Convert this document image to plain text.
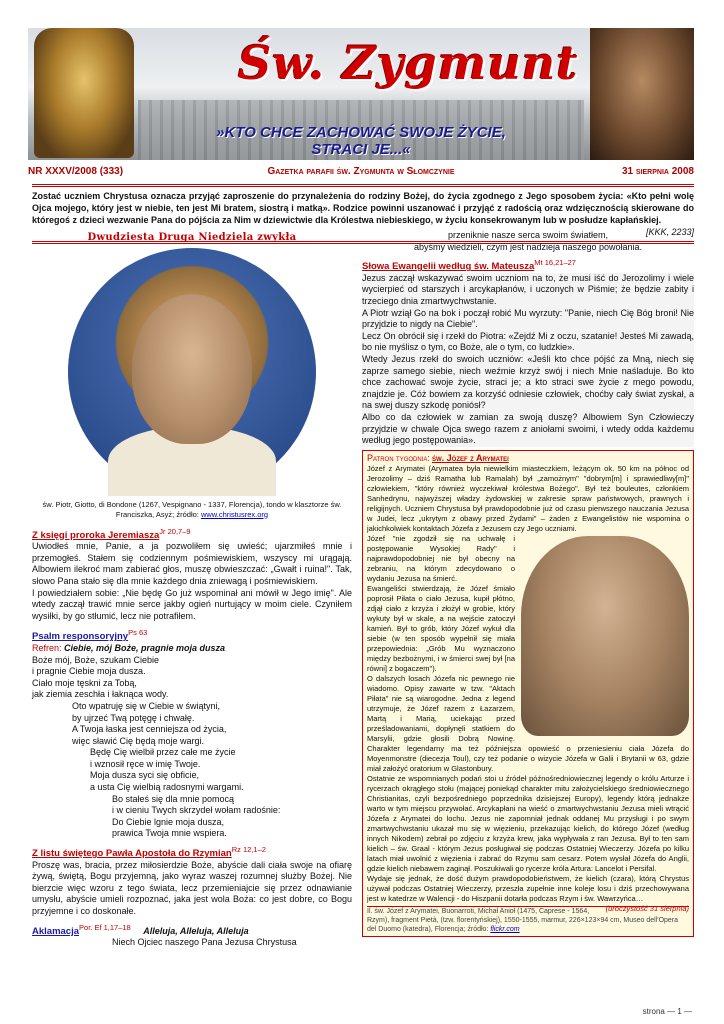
Św. Zygmunt
»KTO CHCE ZACHOWAĆ SWOJE ŻYCIE,
STRACI JE...«
NR XXXV/2008 (333)	Gazetka parafii św. Zygmunta w Słomczynie	31 sierpnia 2008
Zostać uczniem Chrystusa oznacza przyjąć zaproszenie do przynależenia do rodziny Bożej, do życia zgodnego z Jego sposobem życia: «Kto pełni wolę Ojca mojego, który jest w niebie, ten jest Mi bratem, siostrą i matką». Rodzice powinni uszanować i przyjąć z radością oraz wdzięcznością skierowane do któregoś z dzieci wezwanie Pana do pójścia za Nim w dziewictwie dla Królestwa niebieskiego, w życiu konsekrowanym lub w posłudze kapłańskiej.
[KKK, 2233]
Dwudziesta Druga Niedziela zwykła
św. Piotr, Giotto, di Bondone (1267, Vespignano - 1337, Florencja), tondo w klasztorze św. Franciszka, Asyż; źródło: www.christusrex.org
Z księgi proroka Jeremiasza$^{Jr 20,7-9}$
Uwiodłeś mnie, Panie, a ja pozwoliłem się uwieść; ujarzmiłeś mnie i przemogłeś. Stałem się codziennym pośmiewiskiem, wszyscy mi urągają. Albowiem ilekroć mam zabierać głos, muszę obwieszczać: „Gwałt i ruina!". Tak, słowo Pana stało się dla mnie każdego dnia zniewagą i pośmiewiskiem.
I powiedziałem sobie: „Nie będę Go już wspominał ani mówił w Jego imię". Ale wtedy zaczął trawić mnie serce jakby ogień nurtujący w moim ciele. Czyniłem wysiłki, by go stłumić, lecz nie potrafiłem.
Psalm responsoryjny$^{Ps 63}$
Refren: Ciebie, mój Boże, pragnie moja dusza
Boże mój, Boże, szukam Ciebie
i pragnie Ciebie moja dusza.
Ciało moje tęskni za Tobą,
jak ziemia zeschła i łaknąca wody.
Oto wpatruję się w Ciebie w świątyni,
by ujrzeć Twą potęgę i chwałę.
A Twoja łaska jest cenniejsza od życia,
więc sławić Cię będą moje wargi.
Będę Cię wielbił przez całe me życie
i wznosił ręce w imię Twoje.
Moja dusza syci się obficie,
a usta Cię wielbią radosnymi wargami.
Bo stałeś się dla mnie pomocą
i w cieniu Twych skrzydeł wołam radośnie:
Do Ciebie lgnie moja dusza,
prawica Twoja mnie wspiera.
Z listu świętego Pawła Apostoła do Rzymian$^{Rz 12,1-2}$
Proszę was, bracia, przez miłosierdzie Boże, abyście dali ciała swoje na ofiarę żywą, świętą, Bogu przyjemną, jako wyraz waszej rozumnej służby Bożej. Nie bierzcie więc wzoru z tego świata, lecz przemieniajcie się przez odnawianie umysłu, abyście umieli rozpoznać, jaka jest wola Boża: co jest dobre, co Bogu przyjemne i co doskonałe.
Aklamacja$^{Por. Ef 1,17-18}$ Alleluja, Alleluja, Alleluja
Niech Ojciec naszego Pana Jezusa Chrystusa
przeniknie nasze serca swoim światłem,
abyśmy wiedzieli, czym jest nadzieja naszego powołania.
Słowa Ewangelii według św. Mateusza$^{Mt 16,21-27}$
Jezus zaczął wskazywać swoim uczniom na to, że musi iść do Jerozolimy i wiele wycierpieć od starszych i arcykapłanów, i uczonych w Piśmie; że będzie zabity i trzeciego dnia zmartwychwstanie.
A Piotr wziął Go na bok i począł robić Mu wyrzuty: "Panie, niech Cię Bóg broni! Nie przyjdzie to nigdy na Ciebie".
Lecz On obrócił się i rzekł do Piotra: «Zejdź Mi z oczu, szatanie! Jesteś Mi zawadą, bo nie myślisz o tym, co Boże, ale o tym, co ludzkie».
Wtedy Jezus rzekł do swoich uczniów: «Jeśli kto chce pójść za Mną, niech się zaprze samego siebie, niech weźmie krzyż swój i niech Mnie naśladuje. Bo kto chce zachować swoje życie, straci je; a kto straci swe życie z mego powodu, znajdzie je. Cóż bowiem za korzyść odniesie człowiek, choćby cały świat zyskał, a na swej duszy szkodę poniósł?
Albo co da człowiek w zamian za swoją duszę? Albowiem Syn Człowieczy przyjdzie w chwale Ojca swego razem z aniołami swoimi, i wtedy odda każdemu według jego postępowania».
Patron tygodnia: św. Józef z Arymatei
Józef z Arymatei (Arymatea była niewielkim miasteczkiem, leżącym ok. 50 km na północ od Jerozolimy – dziś Ramatha lub Ramalah) był „zamożnym" "dobrym[m] i sprawiedliwy[m]" człowiekiem, "który również wyczekiwał królestwa Bożego". Był też bouleutes, członkiem Sanhedrynu, najwyższej władzy żydowskiej w zakresie spraw państwowych, prawnych i religijnych. Uczniem Chrystusa był prawdopodobnie już od czasu pierwszego nauczania Jezusa w Judei, lecz „ukrytym z obawy przed Żydami" – żaden z Ewangelistów nie wspomina o jakichkolwiek kontaktach Józefa z Jezusem czy Jego uczniami.
Józef "nie zgodził się na uchwałę i postępowanie Wysokiej Rady" i najprawdopodobniej nie był obecny na zebraniu, na którym zdecydowano o wydaniu Jezusa na śmierć.
Ewangeliści stwierdzają, że Józef śmiało poprosił Piłata o ciało Jezusa, kupił płótno, zdjął ciało z krzyża i złożył w grobie, który wykuty był w skale, a na wejście zatoczył kamień. Był to grób, który Józef wykuł dla siebie (w ten sposób wypełnił się miała przepowiednia: „Grób Mu wyznaczono między bezbożnymi, i w śmierci swej był [na równi] z bogaczem").
O dalszych losach Józefa nic pewnego nie wiadomo. Opisy zawarte w tzw. "Aktach Piłata" nie są wiarogodne. Jedna z legend utrzymuje, że Józef razem z Łazarzem, Martą i Marią, uciekając przed prześladowaniami, dopłynęli statkiem do Marsylii, gdzie głosili Dobrą Nowinę. Charakter legendarny ma też późniejsza opowieść o przeniesieniu ciała Józefa do Moyenmonstre (diecezja Toul), czy też podanie o wizycie Józefa w Galii i Brytanii w 63, gdzie miał założyć oratorium w Glastonbury.
Ostatnie ze wspomnianych podań stoi u źródeł późnośredniowiecznej legendy o królu Arturze i rycerzach okrągłego stołu (mającej poniekąd charakter mitu założycielskiego średniowiecznego Christianitas, czyli bezpośredniego poprzednika dzisiejszej Europy), legendy którą jednakże warto w tym miejscu przywołać. Arcykapłani na wieść o zmartwychwstaniu Jezusa mieli wtrącić Józefa z Arymatei do lochu. Jezus nie zapomniał jednak oddanej Mu przysługi i po swym zmartwychwstaniu ukazał mu się w więzieniu, przekazując kielich, do którego Józef (według innych Nikodem) zebrał po zdjęciu z krzyża krew, jaka wypływała z ran Jezusa. Był to ten sam kielich – św. Graal - którym Jezus posługiwał się podczas Ostatniej Wieczerzy. Józefa po kilku latach miał uwolnić z więzienia i zabrać do Rzymu sam cesarz. Potem wysłał Józefa do Anglii, gdzie kielich niebawem zaginął. Poszukiwali go rycerze króla Artura: Lancelot i Persifal.
Wydaje się jednak, że dość dużym prawdopodobieństwem, że kielich (czara), którą Chrystus używał podczas Ostatniej Wieczerzy, przeszła zupełnie inne koleje losu i dziś przechowywana jest w katedrze w Walencji - do Hiszpanii dotarła podczas Rzym i św. Wawrzyńca…
(uroczystość 31 sierpnia)
Il. św. Józef z Arymatei, Buonarroti, Michał Anioł (1475, Caprese - 1564, Rzym), fragment Pietà, (tzw. florentyńskiej), 1550-1555, marmur, 226×123×94 cm, Museo dell'Opera del Duomo (katedra), Florencja; źródło: flickr.com
strona — 1 —
